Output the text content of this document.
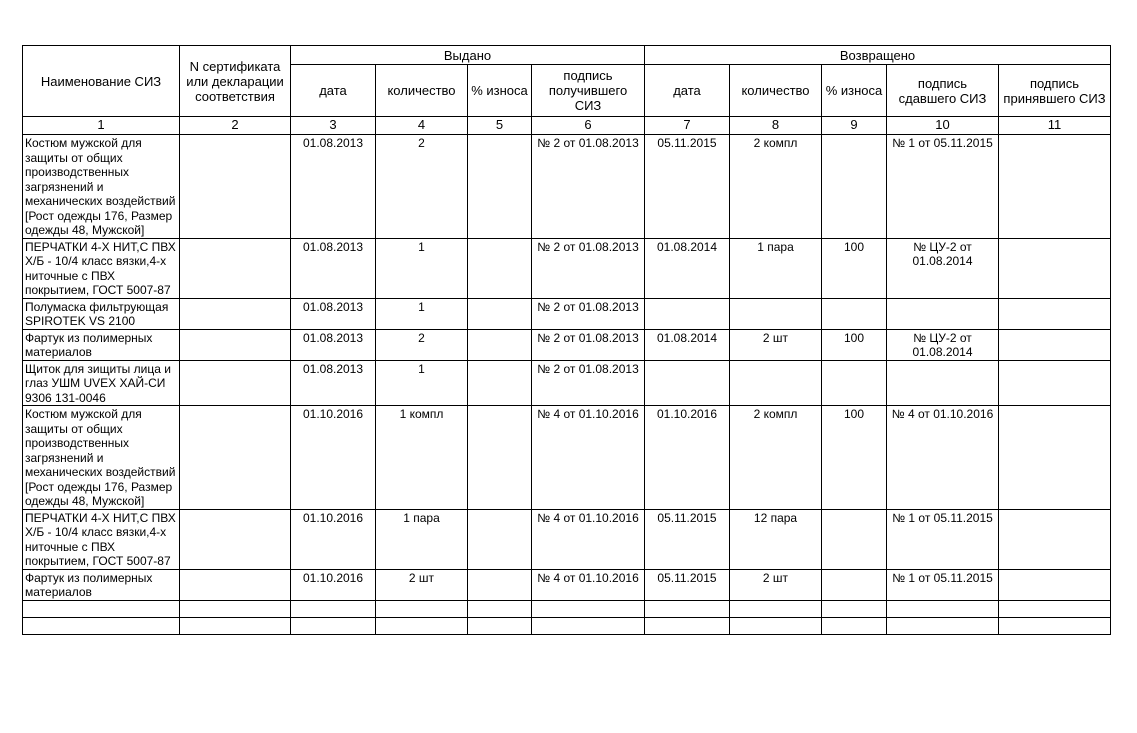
Наименование СИЗ	N сертификата или декларации соответствия	Выдано				Возвращено				
		дата	количество	% износа	подпись получившего СИЗ	дата	количество	% износа	подпись сдавшего СИЗ	подпись принявшего СИЗ
1	2	3	4	5	6	7	8	9	10	11
Костюм мужской для защиты от общих производственных загрязнений и механических воздействий [Рост одежды 176, Размер одежды 48, Мужской]		01.08.2013	2		№ 2 от 01.08.2013	05.11.2015	2 компл		№ 1 от 05.11.2015	
ПЕРЧАТКИ 4-Х НИТ,С ПВХ Х/Б - 10/4 класс вязки,4-х ниточные с ПВХ покрытием, ГОСТ 5007-87		01.08.2013	1		№ 2 от 01.08.2013	01.08.2014	1 пара	100	№ ЦУ-2 от 01.08.2014	
Полумаска фильтрующая SPIROTEK VS 2100		01.08.2013	1		№ 2 от 01.08.2013					
Фартук из полимерных материалов		01.08.2013	2		№ 2 от 01.08.2013	01.08.2014	2 шт	100	№ ЦУ-2 от 01.08.2014	
Щиток для зищиты лица и глаз УШМ UVEX ХАЙ-СИ 9306 131-0046		01.08.2013	1		№ 2 от 01.08.2013					
Костюм мужской для защиты от общих производственных загрязнений и механических воздействий [Рост одежды 176, Размер одежды 48, Мужской]		01.10.2016	1 компл		№ 4 от 01.10.2016	01.10.2016	2 компл	100	№ 4 от 01.10.2016	
ПЕРЧАТКИ 4-Х НИТ,С ПВХ Х/Б - 10/4 класс вязки,4-х ниточные с ПВХ покрытием, ГОСТ 5007-87		01.10.2016	1 пара		№ 4 от 01.10.2016	05.11.2015	12 пара		№ 1 от 05.11.2015	
Фартук из полимерных материалов		01.10.2016	2 шт		№ 4 от 01.10.2016	05.11.2015	2 шт		№ 1 от 05.11.2015	
